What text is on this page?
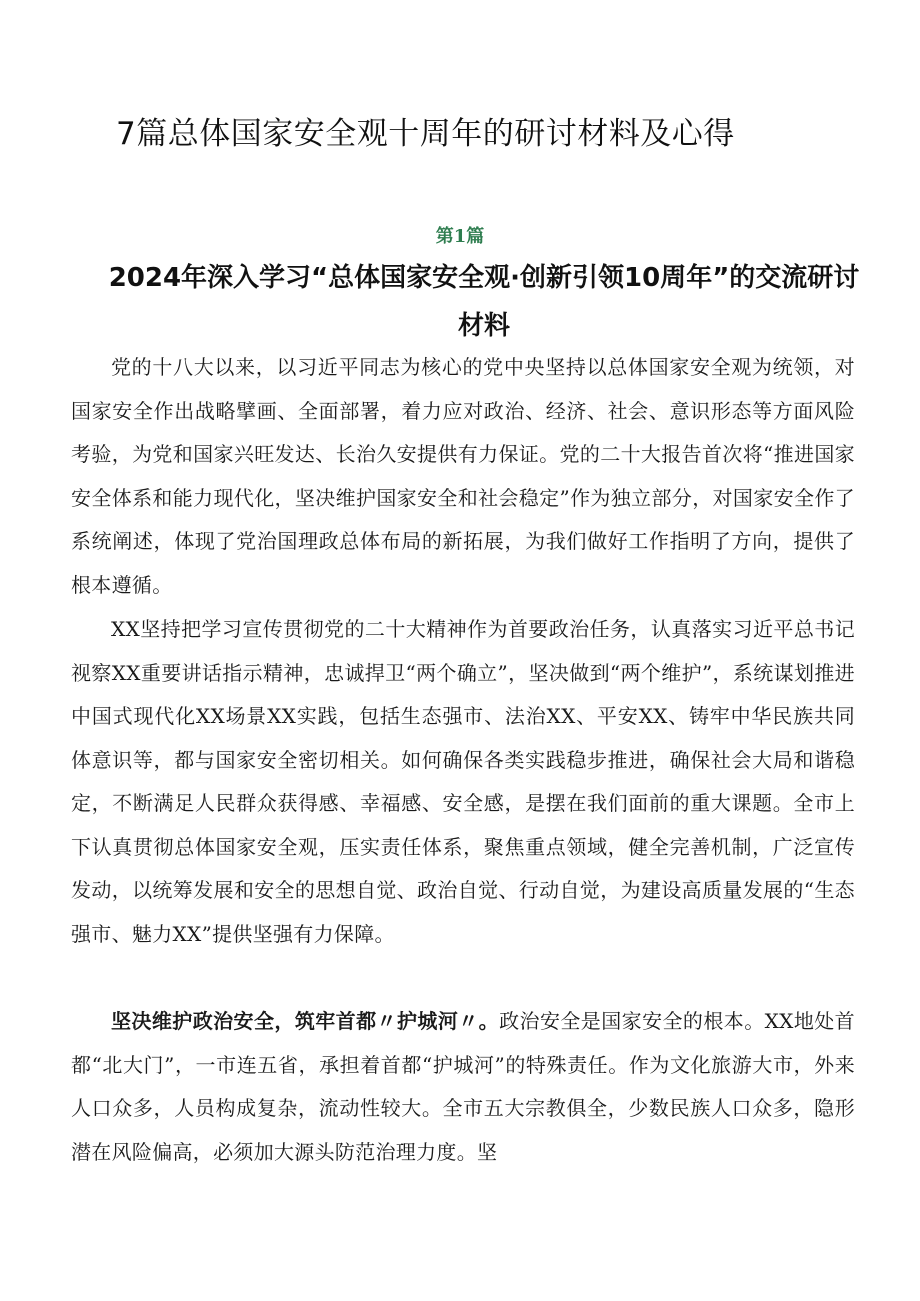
7篇总体国家安全观十周年的研讨材料及心得
第1篇
2024年深入学习“总体国家安全观·创新引领10周年”的交流研讨材料

党的十八大以来，以习近平同志为核心的党中央坚持以总体国家安全观为统领，对国家安全作出战略擘画、全面部署，着力应对政治、经济、社会、意识形态等方面风险考验，为党和国家兴旺发达、长治久安提供有力保证。党的二十大报告首次将“推进国家安全体系和能力现代化，坚决维护国家安全和社会稳定”作为独立部分，对国家安全作了系统阐述，体现了党治国理政总体布局的新拓展，为我们做好工作指明了方向，提供了根本遵循。

XX坚持把学习宣传贯彻党的二十大精神作为首要政治任务，认真落实习近平总书记视察XX重要讲话指示精神，忠诚捍卫“两个确立”，坚决做到“两个维护”，系统谋划推进中国式现代化XX场景XX实践，包括生态强市、法治XX、平安XX、铸牢中华民族共同体意识等，都与国家安全密切相关。如何确保各类实践稳步推进，确保社会大局和谐稳定，不断满足人民群众获得感、幸福感、安全感，是摆在我们面前的重大课题。全市上下认真贯彻总体国家安全观，压实责任体系，聚焦重点领域，健全完善机制，广泛宣传发动，以统筹发展和安全的思想自觉、政治自觉、行动自觉，为建设高质量发展的“生态强市、魅力XX”提供坚强有力保障。

坚决维护政治安全，筑牢首都〃护城河〃。政治安全是国家安全的根本。XX地处首都“北大门”，一市连五省，承担着首都“护城河”的特殊责任。作为文化旅游大市，外来人口众多，人员构成复杂，流动性较大。全市五大宗教俱全，少数民族人口众多，隐形潜在风险偏高，必须加大源头防范治理力度。坚
